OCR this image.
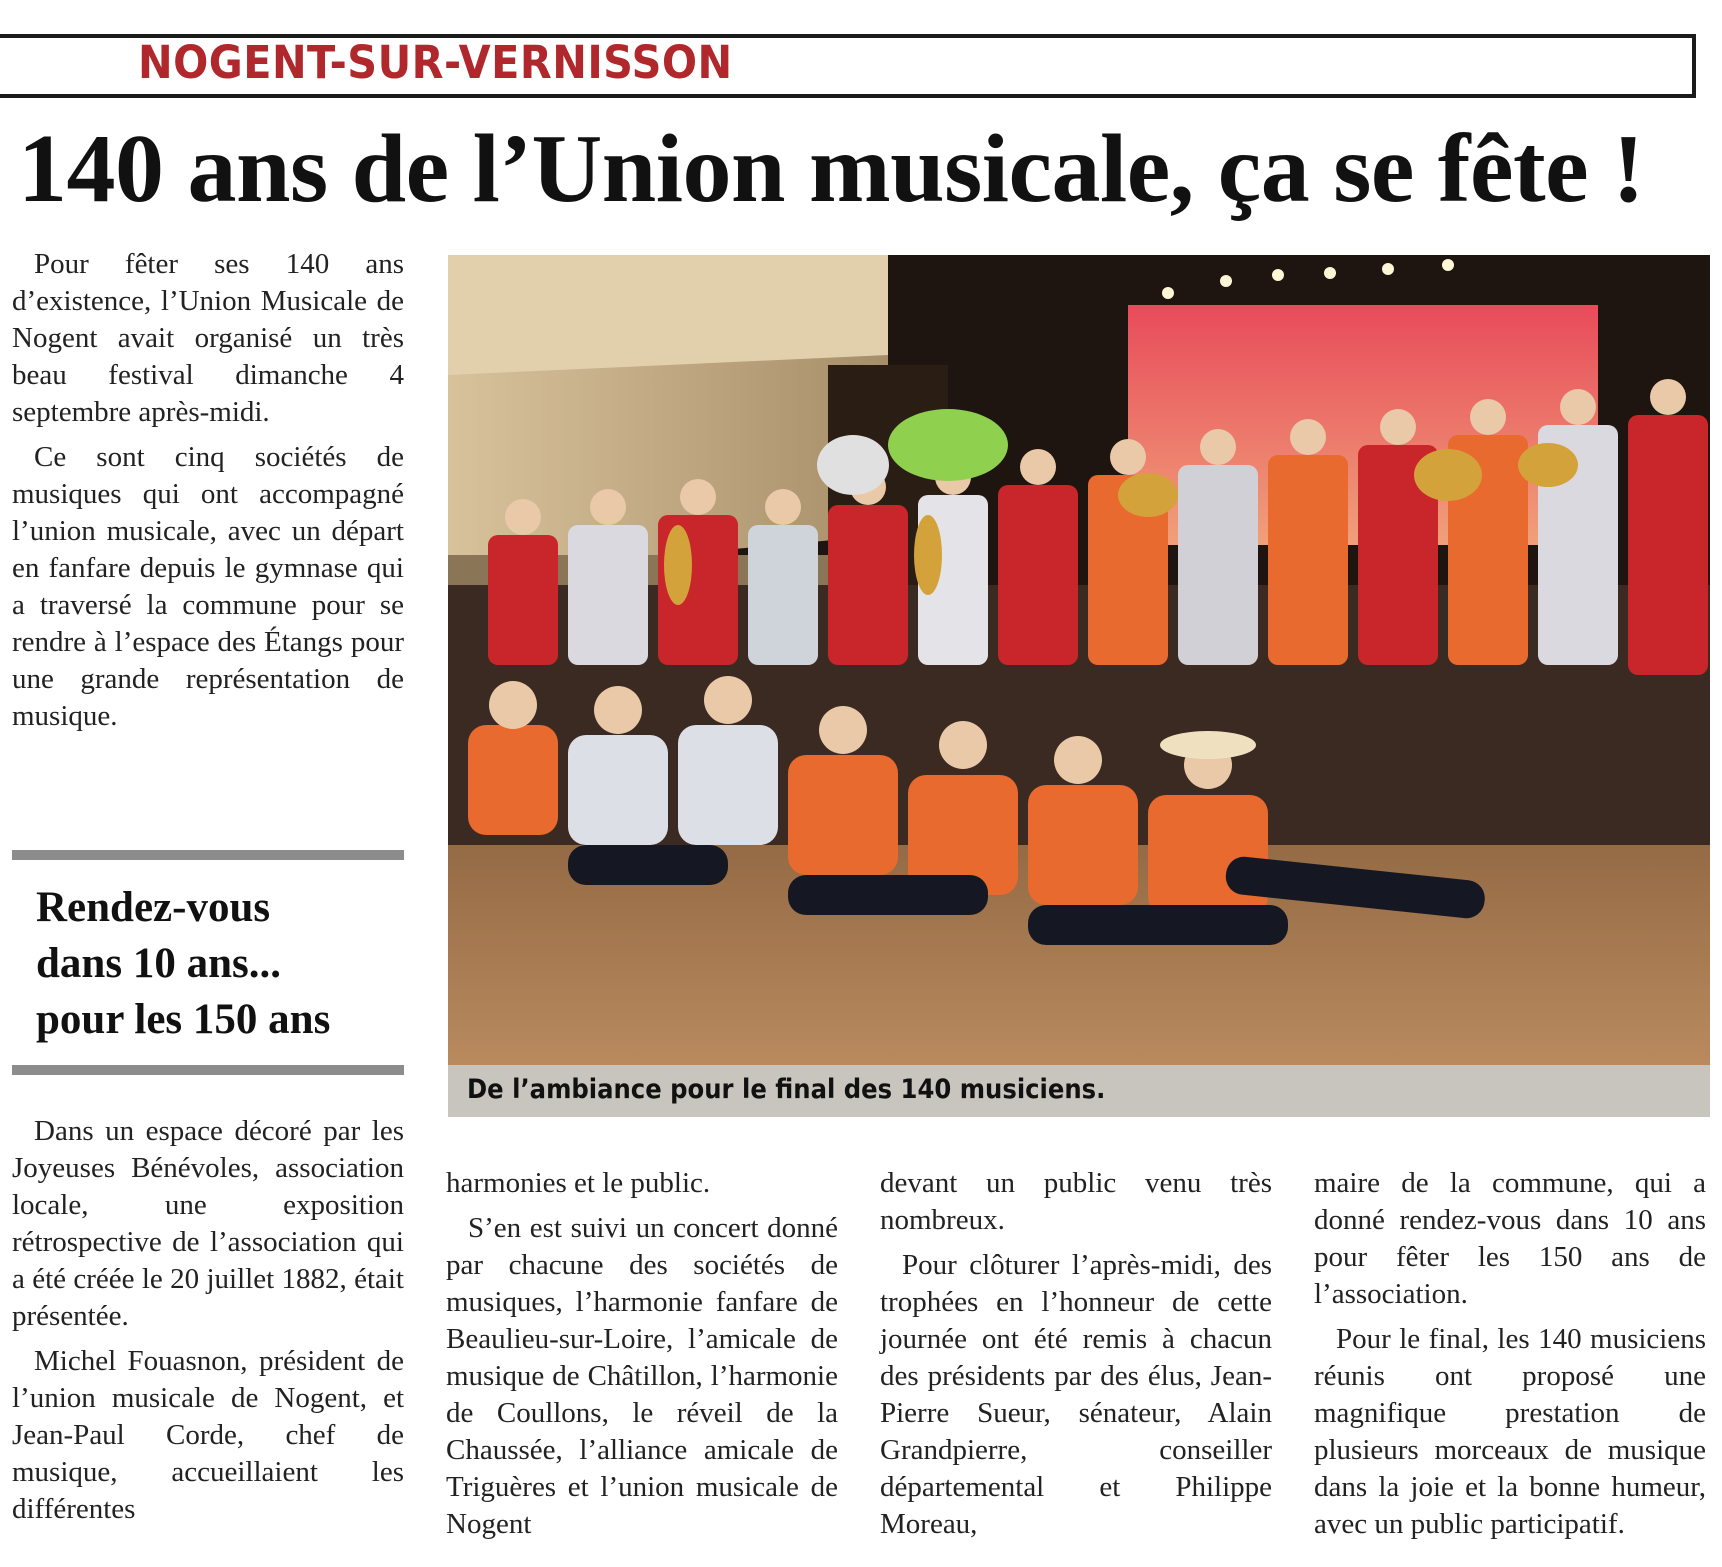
NOGENT-SUR-VERNISSON
140 ans de l’Union musicale, ça se fête !

Pour fêter ses 140 ans d’existence, l’Union Musicale de Nogent avait organisé un très beau festival dimanche 4 septembre après-midi.

Ce sont cinq sociétés de musiques qui ont accompagné l’union musicale, avec un départ en fanfare depuis le gymnase qui a traversé la commune pour se rendre à l’espace des Étangs pour une grande représentation de musique.

Rendez-vous
dans 10 ans...
pour les 150 ans

Dans un espace décoré par les Joyeuses Bénévoles, association locale, une exposition rétrospective de l’association qui a été créée le 20 juillet 1882, était présentée.

Michel Fouasnon, président de l’union musicale de Nogent, et Jean-Paul Corde, chef de musique, accueillaient les différentes

harmonies et le public.

S’en est suivi un concert donné par chacune des sociétés de musiques, l’harmonie fanfare de Beaulieu-sur-Loire, l’amicale de musique de Châtillon, l’harmonie de Coullons, le réveil de la Chaussée, l’alliance amicale de Triguères et l’union musicale de Nogent

devant un public venu très nombreux.

Pour clôturer l’après-midi, des trophées en l’honneur de cette journée ont été remis à chacun des présidents par des élus, Jean-Pierre Sueur, sénateur, Alain Grandpierre, conseiller départemental et Philippe Moreau,

maire de la commune, qui a donné rendez-vous dans 10 ans pour fêter les 150 ans de l’association.

Pour le final, les 140 musiciens réunis ont proposé une magnifique prestation de plusieurs morceaux de musique dans la joie et la bonne humeur, avec un public participatif.

De l’ambiance pour le final des 140 musiciens.
